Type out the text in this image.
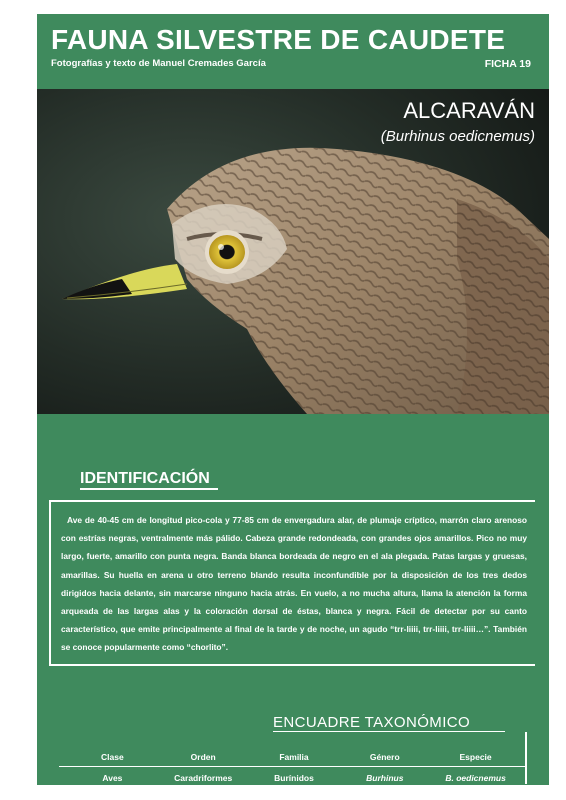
FAUNA SILVESTRE DE CAUDETE
Fotografías y texto de Manuel Cremades García	FICHA 19
ALCARAVÁN
(Burhinus oedicnemus)
IDENTIFICACIÓN
Ave de 40-45 cm de longitud pico-cola y 77-85 cm de envergadura alar, de plumaje críptico, marrón claro arenoso con estrías negras, ventralmente más pálido. Cabeza grande redondeada, con grandes ojos amarillos. Pico no muy largo, fuerte, amarillo con punta negra. Banda blanca bordeada de negro en el ala plegada. Patas largas y gruesas, amarillas. Su huella en arena u otro terreno blando resulta inconfundible por la disposición de los tres dedos dirigidos hacia delante, sin marcarse ninguno hacia atrás. En vuelo, a no mucha altura, llama la atención la forma arqueada de las largas alas y la coloración dorsal de éstas, blanca y negra. Fácil de detectar por su canto característico, que emite principalmente al final de la tarde y de noche, un agudo “trr-liiii, trr-liiii, trr-liiii…”. También se conoce popularmente como “chorlito”.
ENCUADRE TAXONÓMICO
Clase	Orden	Familia	Género	Especie
Aves	Caradriformes	Burínidos	Burhinus	B. oedicnemus
